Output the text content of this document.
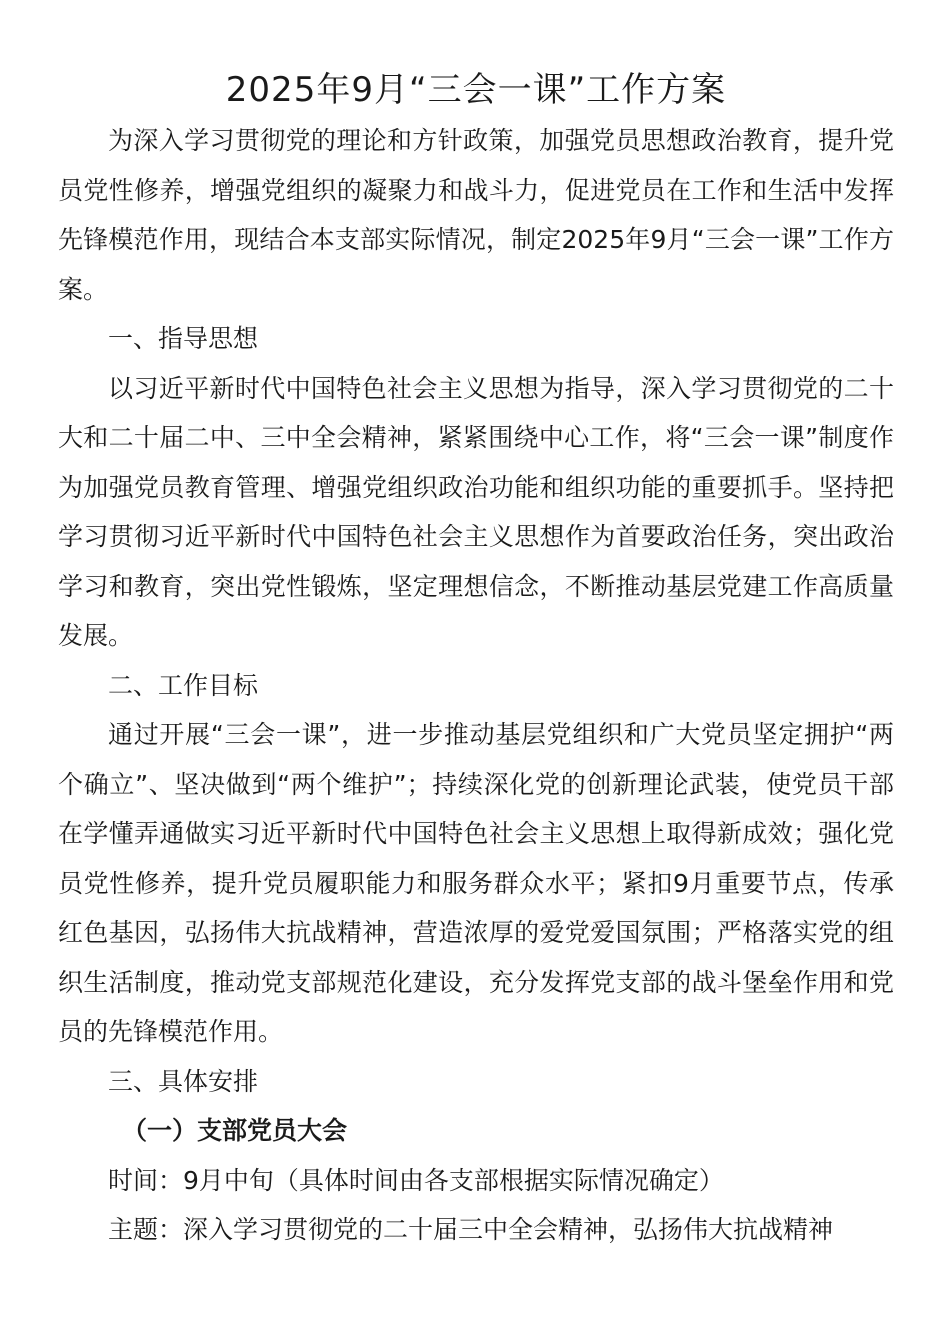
2025年9月“三会一课”工作方案

为深入学习贯彻党的理论和方针政策，加强党员思想政治教育，提升党员党性修养，增强党组织的凝聚力和战斗力，促进党员在工作和生活中发挥先锋模范作用，现结合本支部实际情况，制定2025年9月“三会一课”工作方案。

一、指导思想

以习近平新时代中国特色社会主义思想为指导，深入学习贯彻党的二十大和二十届二中、三中全会精神，紧紧围绕中心工作，将“三会一课”制度作为加强党员教育管理、增强党组织政治功能和组织功能的重要抓手。坚持把学习贯彻习近平新时代中国特色社会主义思想作为首要政治任务，突出政治学习和教育，突出党性锻炼，坚定理想信念，不断推动基层党建工作高质量发展。

二、工作目标

通过开展“三会一课”，进一步推动基层党组织和广大党员坚定拥护“两个确立”、坚决做到“两个维护”；持续深化党的创新理论武装，使党员干部在学懂弄通做实习近平新时代中国特色社会主义思想上取得新成效；强化党员党性修养，提升党员履职能力和服务群众水平；紧扣9月重要节点，传承红色基因，弘扬伟大抗战精神，营造浓厚的爱党爱国氛围；严格落实党的组织生活制度，推动党支部规范化建设，充分发挥党支部的战斗堡垒作用和党员的先锋模范作用。

三、具体安排

（一）支部党员大会

时间：9月中旬（具体时间由各支部根据实际情况确定）

主题：深入学习贯彻党的二十届三中全会精神，弘扬伟大抗战精神
